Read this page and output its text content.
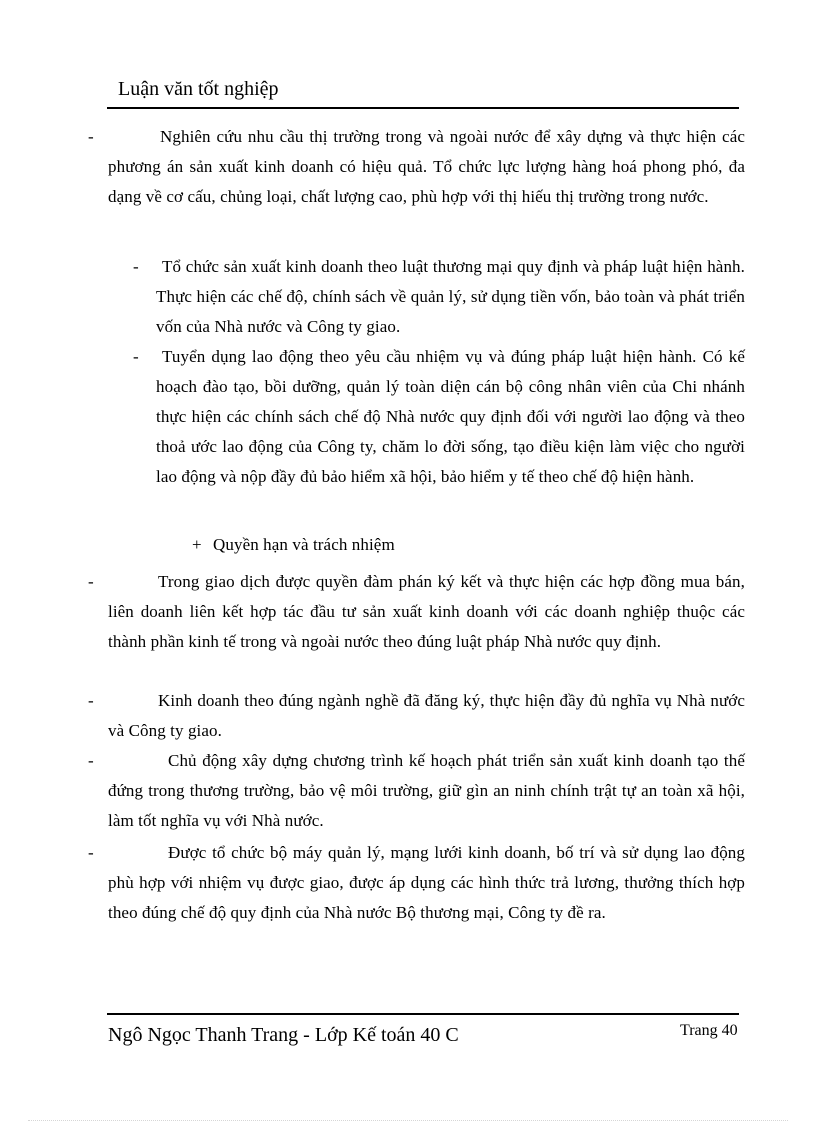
Luận văn tốt nghiệp
-	Nghiên cứu nhu cầu thị trường trong và ngoài nước để xây dựng và thực hiện các phương án sản xuất kinh doanh có hiệu quả. Tổ chức lực lượng hàng hoá phong phó, đa dạng về cơ cấu, chủng loại, chất lượng cao, phù hợp với thị hiếu thị trường trong nước.
-	Tổ chức sản xuất kinh doanh theo luật thương mại quy định và pháp luật hiện hành. Thực hiện các chế độ, chính sách về quản lý, sử dụng tiền vốn, bảo toàn và phát triển vốn của Nhà nước và Công ty giao.
-	Tuyển dụng lao động theo yêu cầu nhiệm vụ và đúng pháp luật hiện hành. Có kế hoạch đào tạo, bồi dưỡng, quản lý toàn diện cán bộ công nhân viên của Chi nhánh thực hiện các chính sách chế độ Nhà nước quy định đối với người lao động và theo thoả ước lao động của Công ty, chăm lo đời sống, tạo điều kiện làm việc cho người lao động và nộp đầy đủ bảo hiểm xã hội, bảo hiểm y tế theo chế độ hiện hành.
+ Quyền hạn và trách nhiệm
-	Trong giao dịch được quyền đàm phán ký kết và thực hiện các hợp đồng mua bán, liên doanh liên kết hợp tác đầu tư sản xuất kinh doanh với các doanh nghiệp thuộc các thành phần kinh tế trong và ngoài nước theo đúng luật pháp Nhà nước quy định.
-	Kinh doanh theo đúng ngành nghề đã đăng ký, thực hiện đầy đủ nghĩa vụ Nhà nước và Công ty giao.
-	Chủ động xây dựng chương trình kế hoạch phát triển sản xuất kinh doanh tạo thế đứng trong thương trường, bảo vệ môi trường, giữ gìn an ninh chính trật tự an toàn xã hội, làm tốt nghĩa vụ với Nhà nước.
-	Được tổ chức bộ máy quản lý, mạng lưới kinh doanh, bố trí và sử dụng lao động phù hợp với nhiệm vụ được giao, được áp dụng các hình thức trả lương, thưởng thích hợp theo đúng chế độ quy định của Nhà nước Bộ thương mại, Công ty đề ra.
Ngô Ngọc Thanh Trang - Lớp Kế toán 40 C	Trang 40
